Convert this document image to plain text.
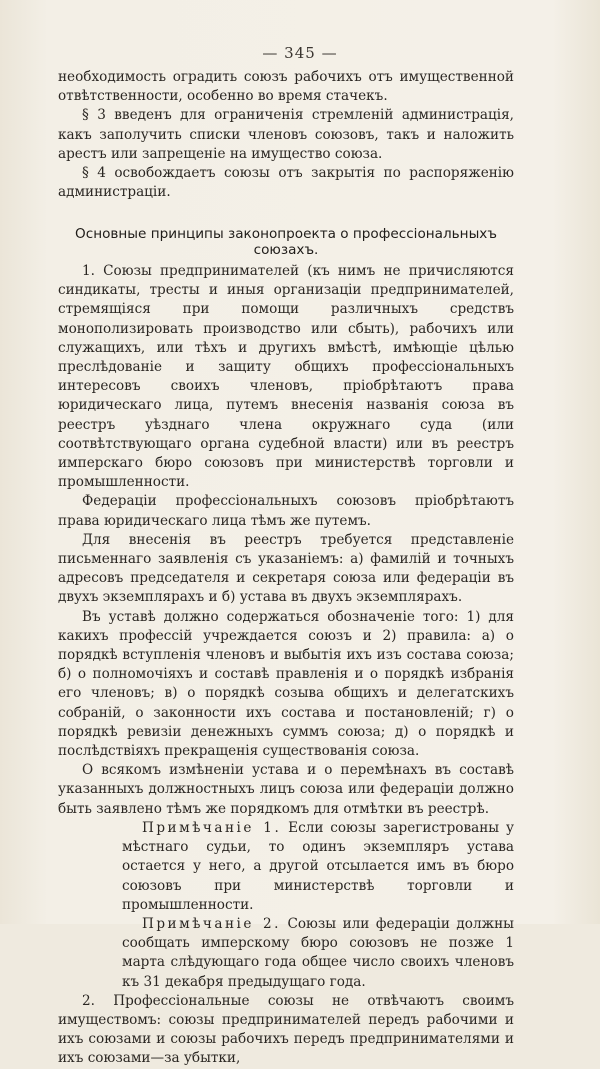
— 345 —

необходимость оградить союзъ рабочихъ отъ имущественной отвѣтственности, особенно во время стачекъ.

§ 3 введенъ для ограниченія стремленій администрація, какъ заполучить списки членовъ союзовъ, такъ и наложить арестъ или запрещеніе на имущество союза.

§ 4 освобождаетъ союзы отъ закрытія по распоряженію администраціи.

Основные принципы законопроекта о профессіональныхъ союзахъ.

1. Союзы предпринимателей (къ нимъ не причисляются синдикаты, тресты и иныя организаціи предпринимателей, стремящіяся при помощи различныхъ средствъ монополизировать производство или сбыть), рабочихъ или служащихъ, или тѣхъ и другихъ вмѣстѣ, имѣющіе цѣлью преслѣдованіе и защиту общихъ профессіональныхъ интересовъ своихъ членовъ, пріобрѣтаютъ права юридическаго лица, путемъ внесенія названія союза въ реестръ уѣзднаго члена окружнаго суда (или соотвѣтствующаго органа судебной власти) или въ реестръ имперскаго бюро союзовъ при министерствѣ торговли и промышленности.

Федераціи профессіональныхъ союзовъ пріобрѣтаютъ права юридическаго лица тѣмъ же путемъ.

Для внесенія въ реестръ требуется представленіе письменнаго заявленія съ указаніемъ: а) фамилій и точныхъ адресовъ председателя и секретаря союза или федераціи въ двухъ экземплярахъ и б) устава въ двухъ экземплярахъ.

Въ уставѣ должно содержаться обозначеніе того: 1) для какихъ профессій учреждается союзъ и 2) правила: а) о порядкѣ вступленія членовъ и выбытія ихъ изъ состава союза; б) о полномочіяхъ и составѣ правленія и о порядкѣ избранія его членовъ; в) о порядкѣ созыва общихъ и делегатскихъ собраній, о законности ихъ состава и постановленій; г) о порядкѣ ревизіи денежныхъ суммъ союза; д) о порядкѣ и послѣдствіяхъ прекращенія существованія союза.

О всякомъ измѣненіи устава и о перемѣнахъ въ составѣ указанныхъ должностныхъ лицъ союза или федераціи должно быть заявлено тѣмъ же порядкомъ для отмѣтки въ реестрѣ.

Примѣчаніе 1. Если союзы зарегистрованы у мѣстнаго судьи, то одинъ экземпляръ устава остается у него, а другой отсылается имъ въ бюро союзовъ при министерствѣ торговли и промышленности.

Примѣчаніе 2. Союзы или федераціи должны сообщать имперскому бюро союзовъ не позже 1 марта слѣдующаго года общее число своихъ членовъ къ 31 декабря предыдущаго года.

2. Профессіональные союзы не отвѣчаютъ своимъ имуществомъ: союзы предпринимателей передъ рабочими и ихъ союзами и союзы рабочихъ передъ предпринимателями и ихъ союзами—за убытки,
